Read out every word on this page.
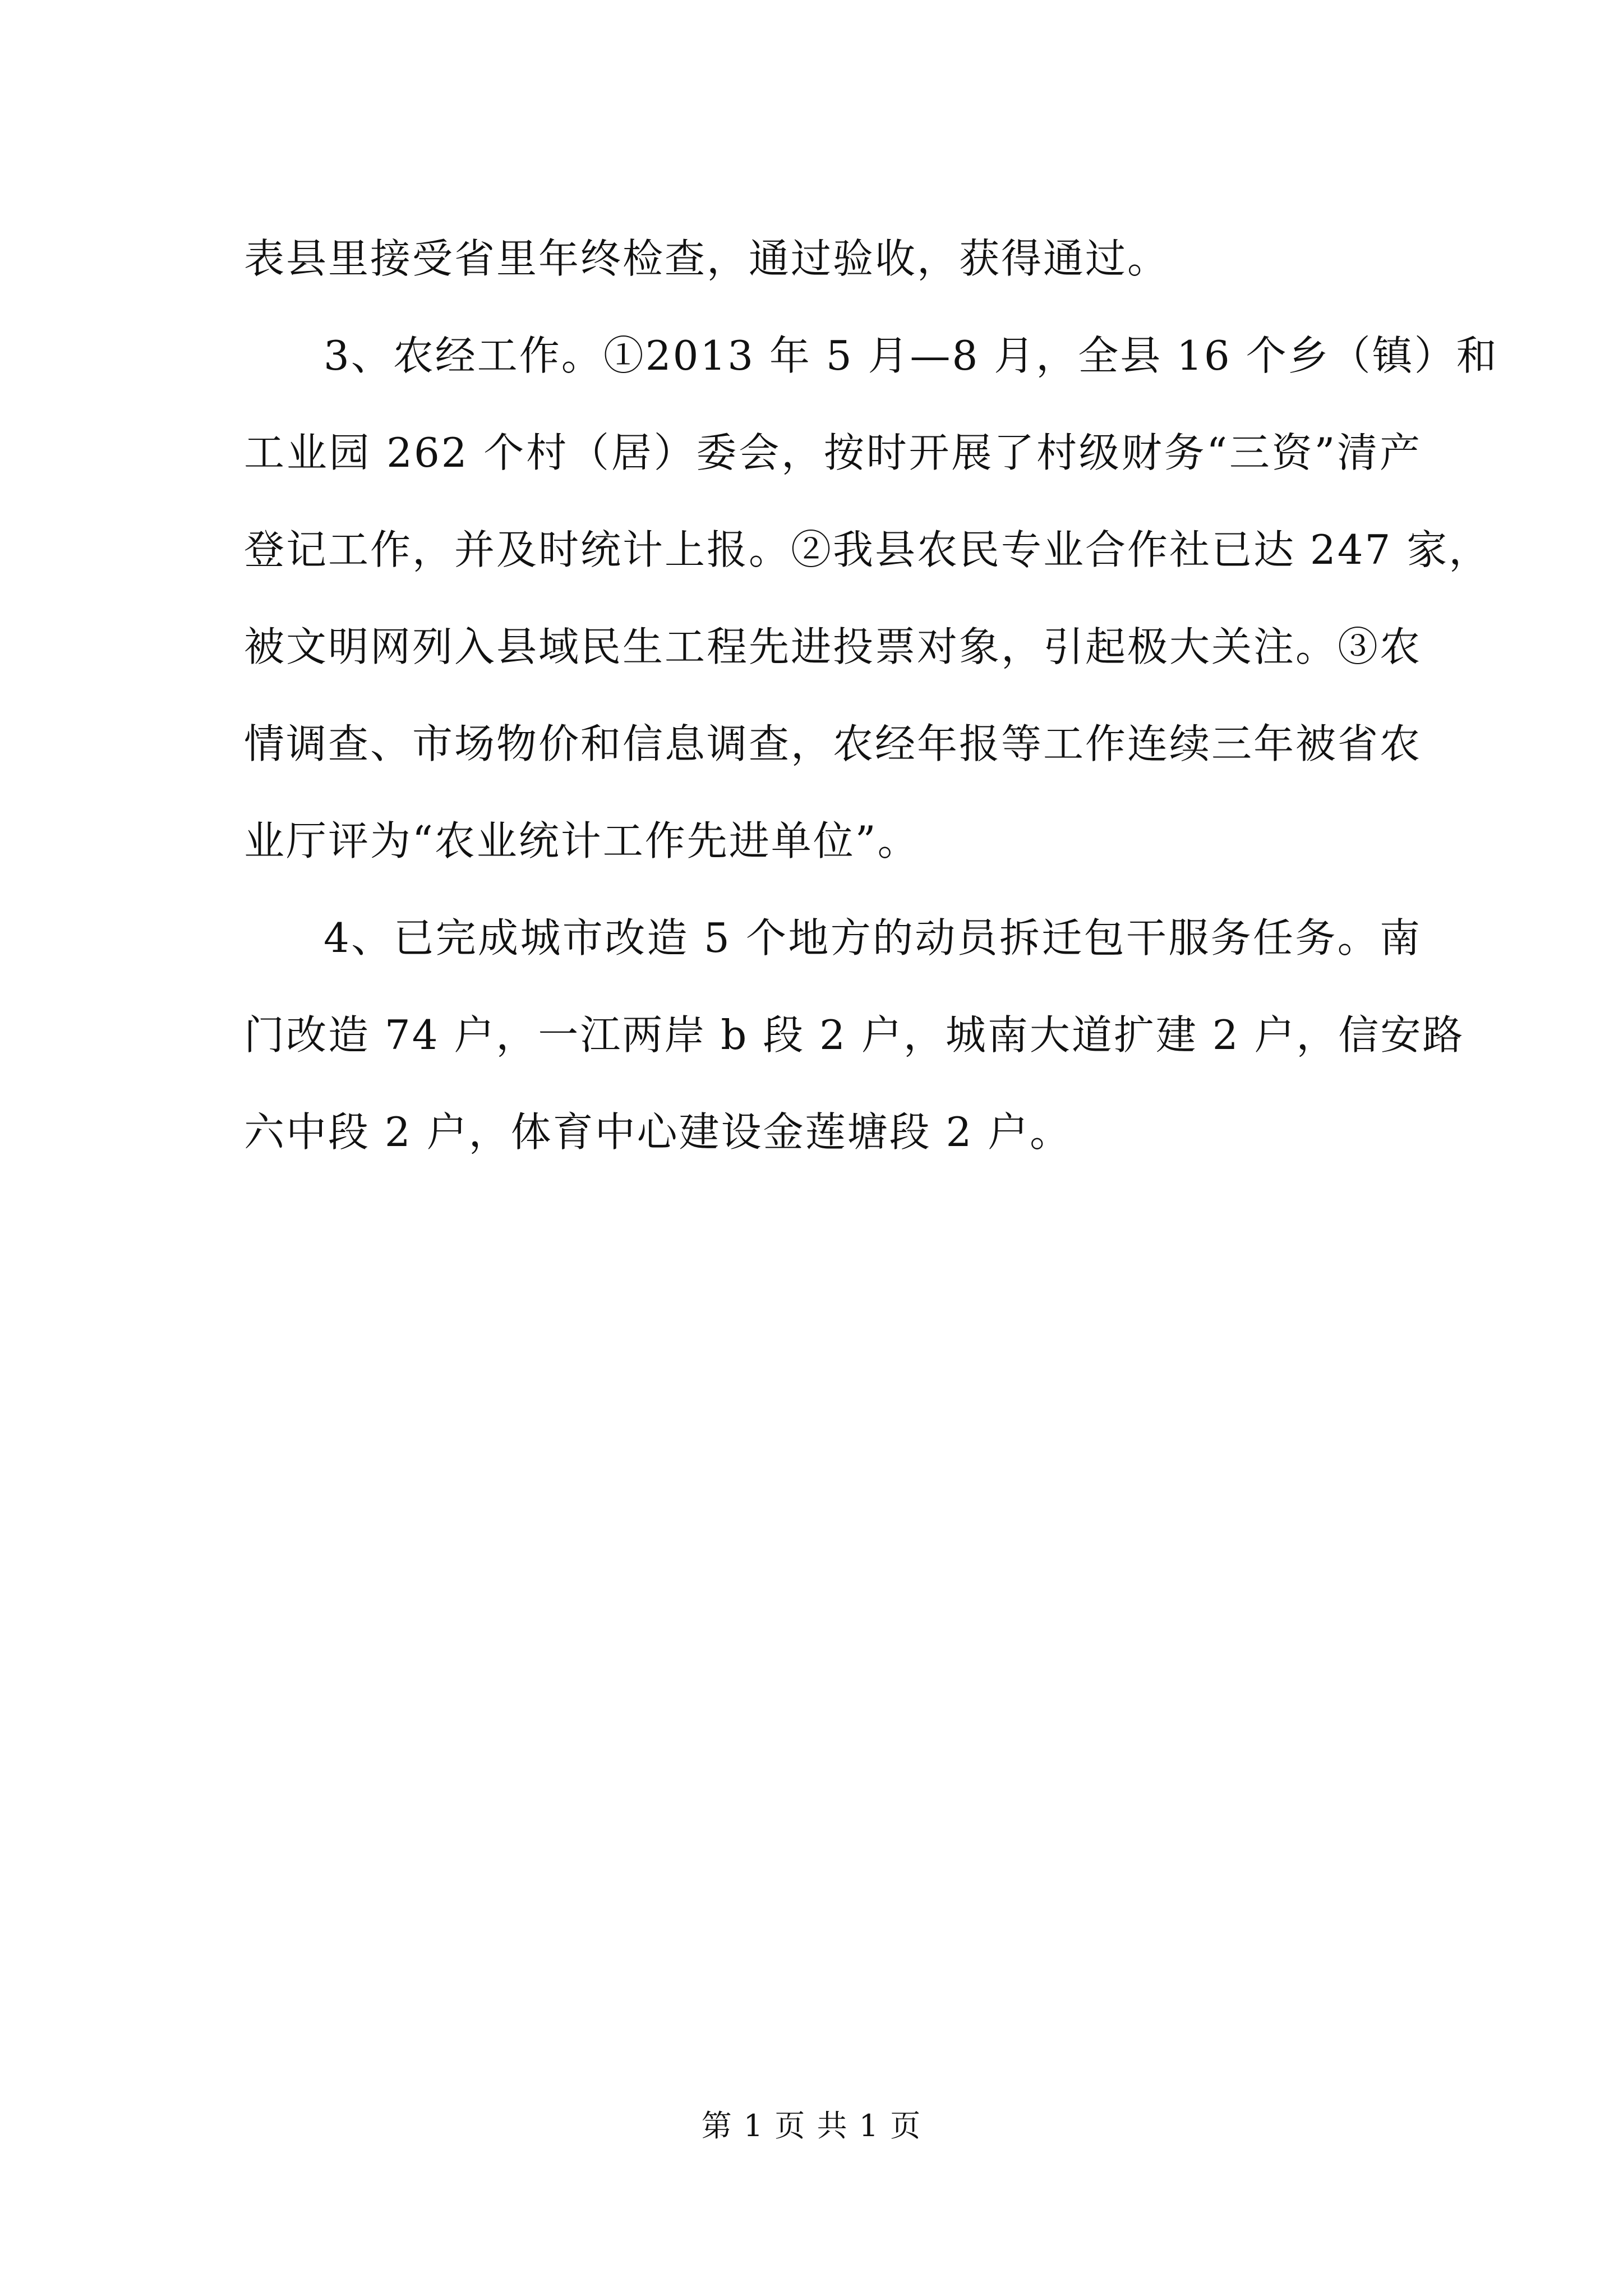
表县里接受省里年终检查，通过验收，获得通过。
3、农经工作。①2013 年 5 月—8 月，全县 16 个乡（镇）和
工业园 262 个村（居）委会，按时开展了村级财务“三资”清产
登记工作，并及时统计上报。②我县农民专业合作社已达 247 家，
被文明网列入县域民生工程先进投票对象，引起极大关注。③农
情调查、市场物价和信息调查，农经年报等工作连续三年被省农
业厅评为“农业统计工作先进单位”。
4、已完成城市改造 5 个地方的动员拆迁包干服务任务。南
门改造 74 户，一江两岸 b 段 2 户，城南大道扩建 2 户，信安路
六中段 2 户，体育中心建设金莲塘段 2 户。
第 1 页 共 1 页
